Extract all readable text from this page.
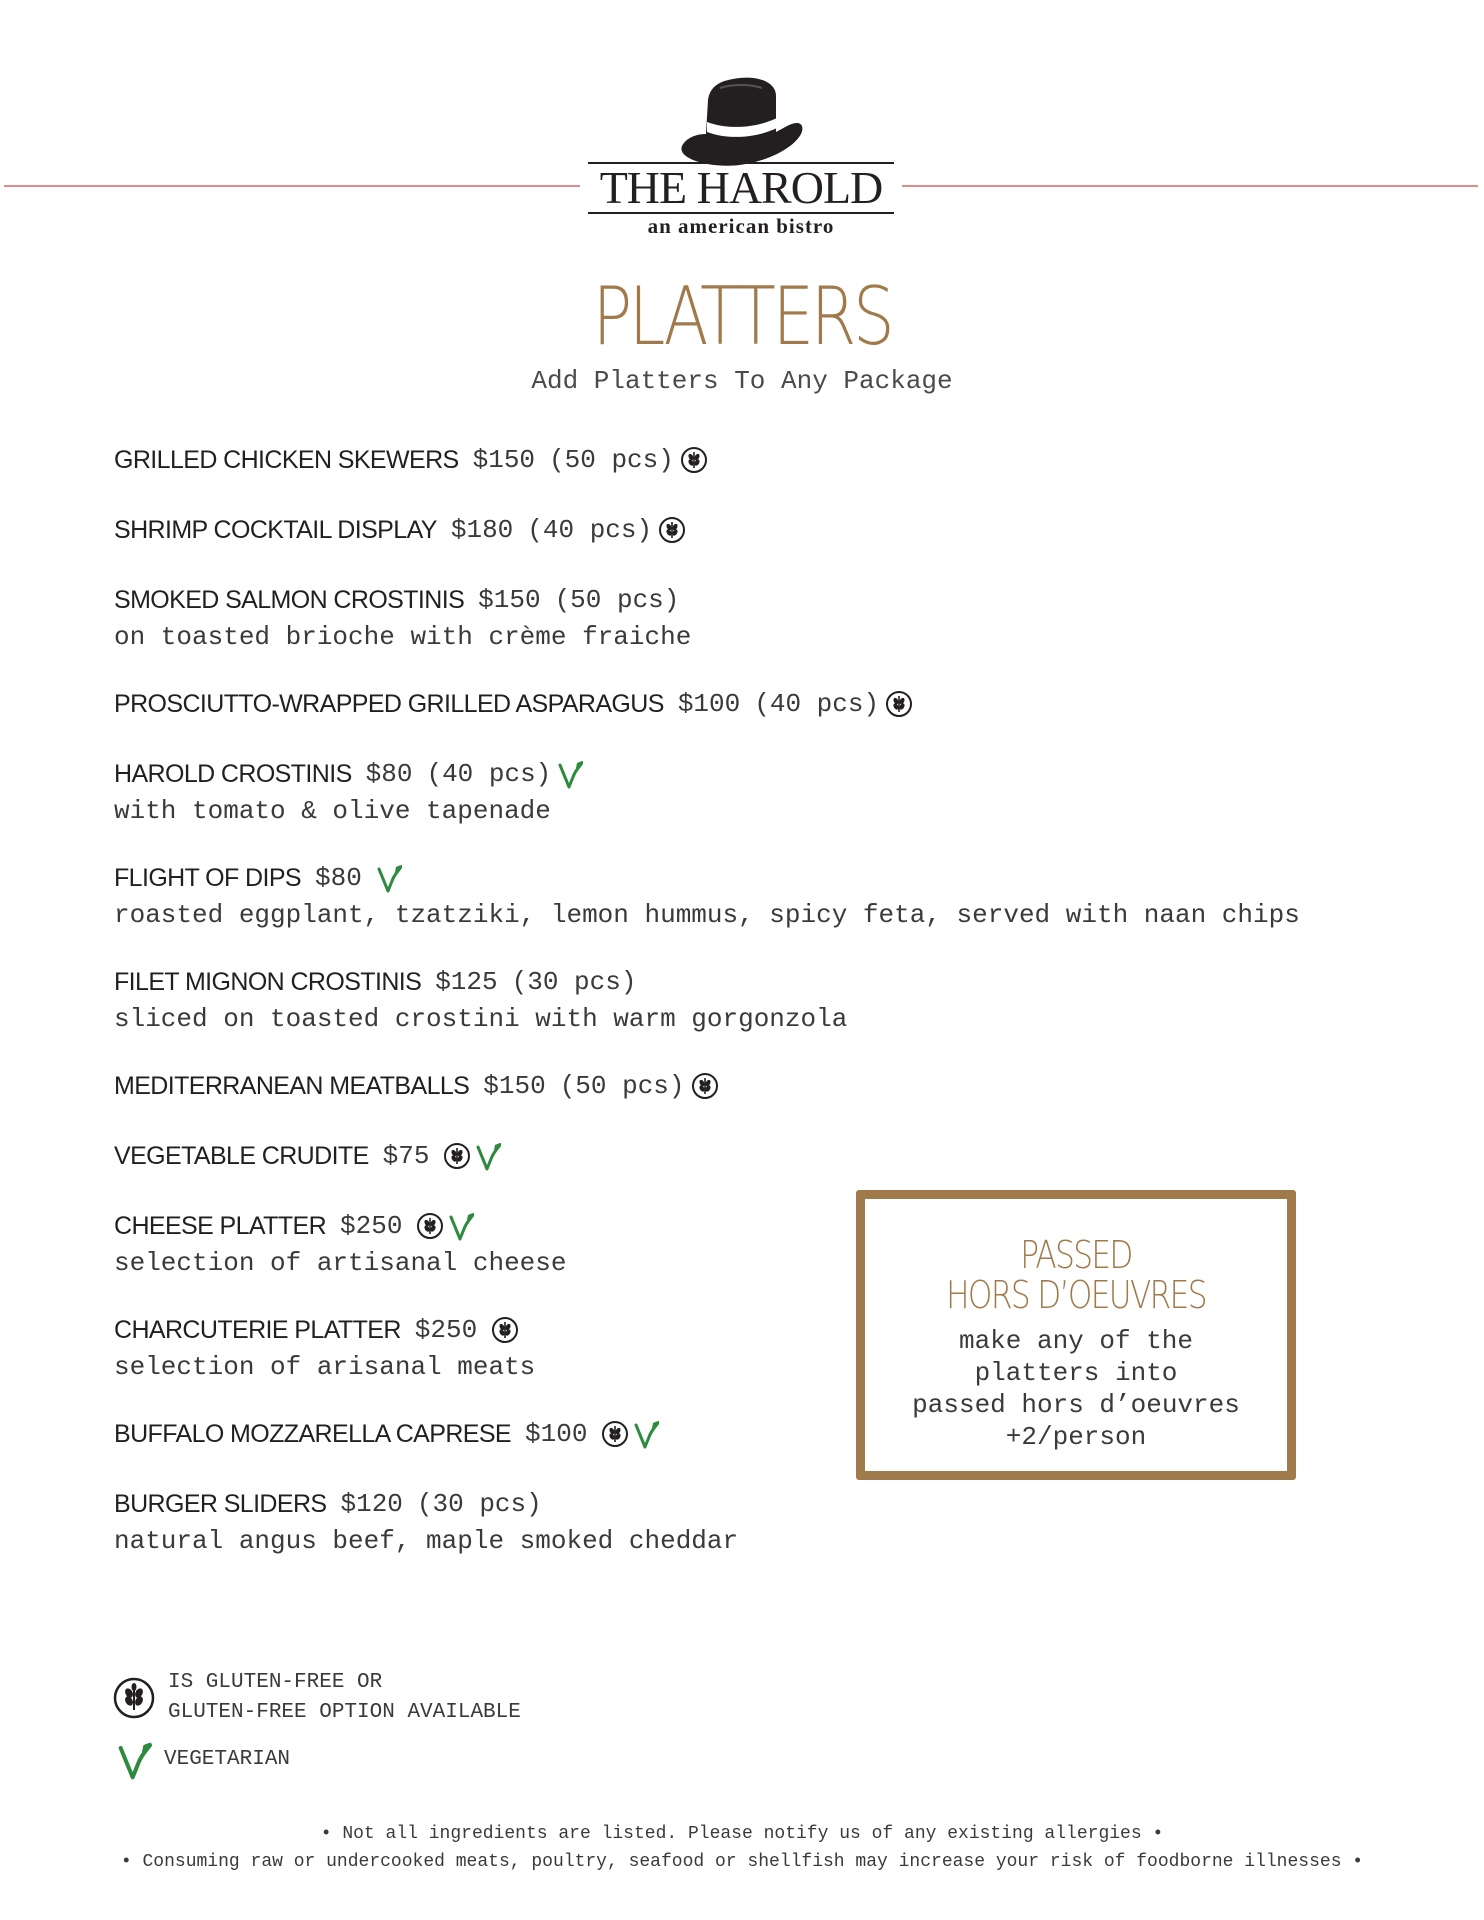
THE HAROLD
an american bistro
PLATTERS
Add Platters To Any Package
GRILLED CHICKEN SKEWERS $150 (50 pcs)
SHRIMP COCKTAIL DISPLAY $180 (40 pcs)
SMOKED SALMON CROSTINIS $150 (50 pcs)
on toasted brioche with crème fraiche
PROSCIUTTO-WRAPPED GRILLED ASPARAGUS $100 (40 pcs)
HAROLD CROSTINIS $80 (40 pcs)
with tomato & olive tapenade
FLIGHT OF DIPS $80
roasted eggplant, tzatziki, lemon hummus, spicy feta, served with naan chips
FILET MIGNON CROSTINIS $125 (30 pcs)
sliced on toasted crostini with warm gorgonzola
MEDITERRANEAN MEATBALLS $150 (50 pcs)
VEGETABLE CRUDITE $75
CHEESE PLATTER $250
selection of artisanal cheese
CHARCUTERIE PLATTER $250
selection of arisanal meats
BUFFALO MOZZARELLA CAPRESE $100
BURGER SLIDERS $120 (30 pcs)
natural angus beef, maple smoked cheddar
PASSED
HORS D’OEUVRES
make any of the
platters into
passed hors d’oeuvres
+2/person
IS GLUTEN-FREE OR
GLUTEN-FREE OPTION AVAILABLE
VEGETARIAN
• Not all ingredients are listed. Please notify us of any existing allergies •
• Consuming raw or undercooked meats, poultry, seafood or shellfish may increase your risk of foodborne illnesses •
